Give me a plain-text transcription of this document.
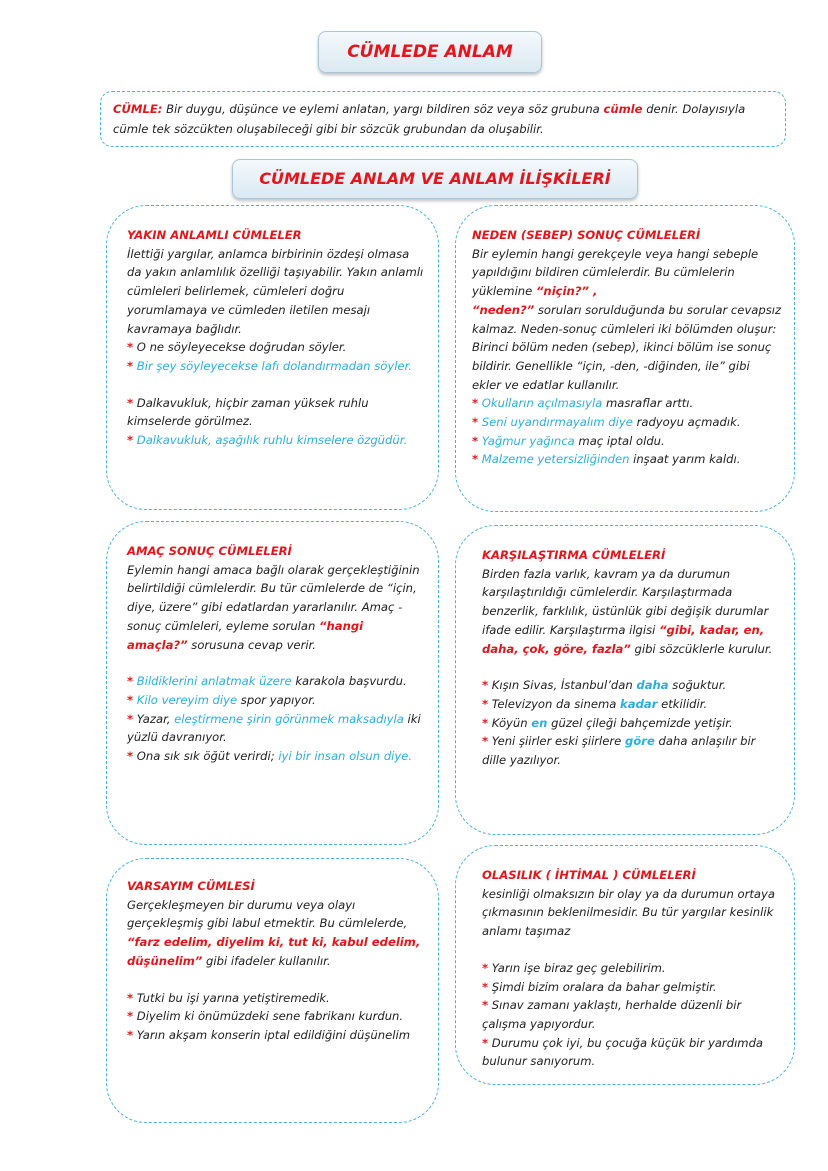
CÜMLEDE ANLAM
CÜMLE: Bir duygu, düşünce ve eylemi anlatan, yargı bildiren söz veya söz grubuna cümle denir. Dolayısıyla cümle tek sözcükten oluşabileceği gibi bir sözcük grubundan da oluşabilir.
CÜMLEDE ANLAM VE ANLAM İLİŞKİLERİ

YAKIN ANLAMLI CÜMLELER

İlettiği yargılar, anlamca birbirinin özdeşi olmasa da yakın anlamlılık özelliği taşıyabilir. Yakın anlamlı cümleleri belirlemek, cümleleri doğru yorumlamaya ve cümleden iletilen mesajı kavramaya bağlıdır.

* O ne söyleyecekse doğrudan söyler.

* Bir şey söyleyecekse lafı dolandırmadan söyler.

* Dalkavukluk, hiçbir zaman yüksek ruhlu kimselerde görülmez.

* Dalkavukluk, aşağılık ruhlu kimselere özgüdür.

NEDEN (SEBEP) SONUÇ CÜMLELERİ

Bir eylemin hangi gerekçeyle veya hangi sebeple yapıldığını bildiren cümlelerdir. Bu cümlelerin yüklemine “niçin?” ,
“neden?” soruları sorulduğunda bu sorular cevapsız kalmaz. Neden-sonuç cümleleri iki bölümden oluşur: Birinci bölüm neden (sebep), ikinci bölüm ise sonuç bildirir. Genellikle “için, -den, -diğinden, ile” gibi ekler ve edatlar kullanılır.

* Okulların açılmasıyla masraflar arttı.

* Seni uyandırmayalım diye radyoyu açmadık.

* Yağmur yağınca maç iptal oldu.

* Malzeme yetersizliğinden inşaat yarım kaldı.

AMAÇ SONUÇ CÜMLELERİ

Eylemin hangi amaca bağlı olarak gerçekleştiğinin belirtildiği cümlelerdir. Bu tür cümlelerde de “için, diye, üzere” gibi edatlardan yararlanılır. Amaç - sonuç cümleleri, eyleme sorulan “hangi amaçla?” sorusuna cevap verir.

* Bildiklerini anlatmak üzere karakola başvurdu.

* Kilo vereyim diye spor yapıyor.

* Yazar, eleştirmene şirin görünmek maksadıyla iki yüzlü davranıyor.

* Ona sık sık öğüt verirdi; iyi bir insan olsun diye.

KARŞILAŞTIRMA CÜMLELERİ

Birden fazla varlık, kavram ya da durumun karşılaştırıldığı cümlelerdir. Karşılaştırmada benzerlik, farklılık, üstünlük gibi değişik durumlar ifade edilir. Karşılaştırma ilgisi “gibi, kadar, en, daha, çok, göre, fazla” gibi sözcüklerle kurulur.

* Kışın Sivas, İstanbul’dan daha soğuktur.

* Televizyon da sinema kadar etkilidir.

* Köyün en güzel çileği bahçemizde yetişir.

* Yeni şiirler eski şiirlere göre daha anlaşılır bir dille yazılıyor.

VARSAYIM CÜMLESİ

Gerçekleşmeyen bir durumu veya olayı gerçekleşmiş gibi labul etmektir. Bu cümlelerde, “farz edelim, diyelim ki, tut ki, kabul edelim, düşünelim” gibi ifadeler kullanılır.

* Tutki bu işi yarına yetiştiremedik.

* Diyelim ki önümüzdeki sene fabrikanı kurdun.

* Yarın akşam konserin iptal edildiğini düşünelim

OLASILIK ( İHTİMAL ) CÜMLELERİ

kesinliği olmaksızın bir olay ya da durumun ortaya çıkmasının beklenilmesidir. Bu tür yargılar kesinlik anlamı taşımaz

* Yarın işe biraz geç gelebilirim.

* Şimdi bizim oralara da bahar gelmiştir.

* Sınav zamanı yaklaştı, herhalde düzenli bir çalışma yapıyordur.

* Durumu çok iyi, bu çocuğa küçük bir yardımda bulunur sanıyorum.
